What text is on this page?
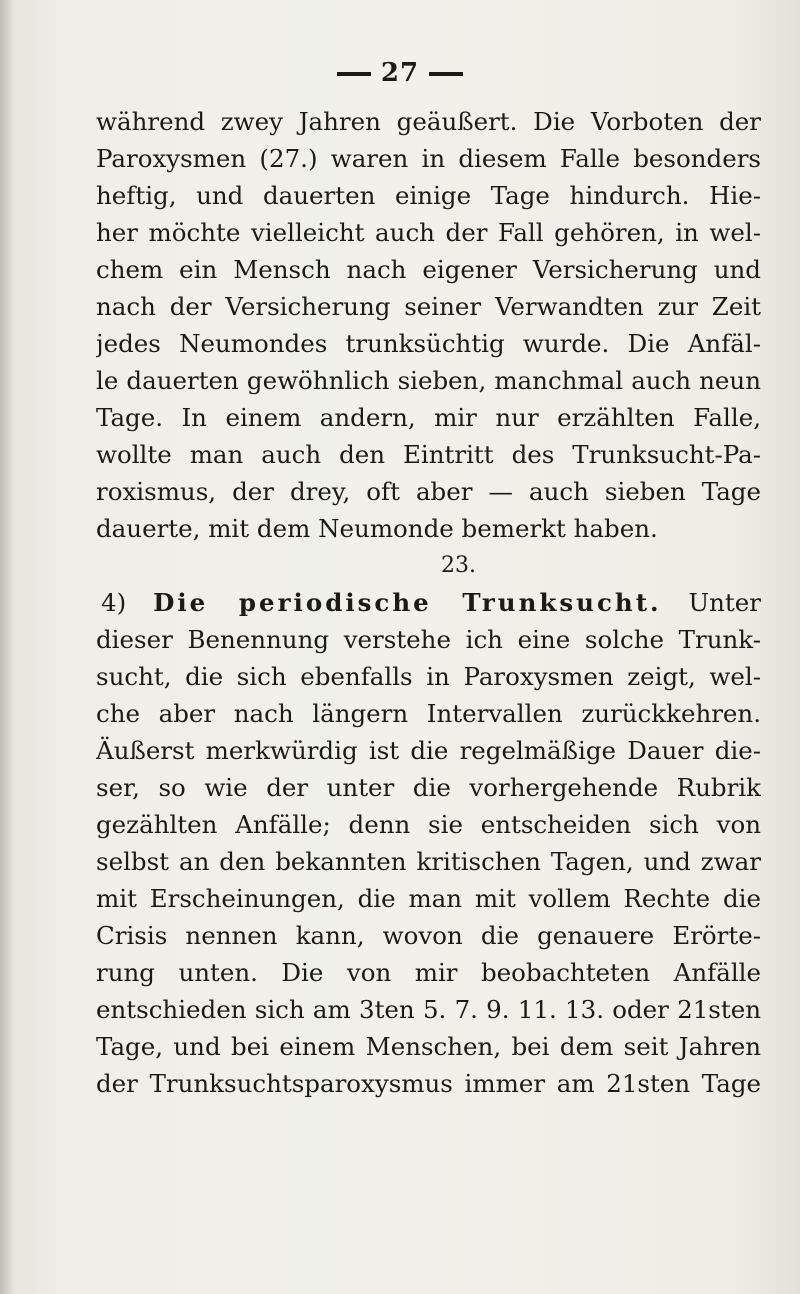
27
während zwey Jahren geäußert. Die Vorboten der
Paroxysmen (27.) waren in diesem Falle besonders
heftig, und dauerten einige Tage hindurch. Hie-
her möchte vielleicht auch der Fall gehören, in wel-
chem ein Mensch nach eigener Versicherung und
nach der Versicherung seiner Verwandten zur Zeit
jedes Neumondes trunksüchtig wurde. Die Anfäl-
le dauerten gewöhnlich sieben, manchmal auch neun
Tage. In einem andern, mir nur erzählten Falle,
wollte man auch den Eintritt des Trunksucht-Pa-
roxismus, der drey, oft aber — auch sieben Tage
dauerte, mit dem Neumonde bemerkt haben.
23.
4) Die periodische Trunksucht. Unter
dieser Benennung verstehe ich eine solche Trunk-
sucht, die sich ebenfalls in Paroxysmen zeigt, wel-
che aber nach längern Intervallen zurückkehren.
Äußerst merkwürdig ist die regelmäßige Dauer die-
ser, so wie der unter die vorhergehende Rubrik
gezählten Anfälle; denn sie entscheiden sich von
selbst an den bekannten kritischen Tagen, und zwar
mit Erscheinungen, die man mit vollem Rechte die
Crisis nennen kann, wovon die genauere Erörte-
rung unten. Die von mir beobachteten Anfälle
entschieden sich am 3ten 5. 7. 9. 11. 13. oder 21sten
Tage, und bei einem Menschen, bei dem seit Jahren
der Trunksuchtsparoxysmus immer am 21sten Tage
